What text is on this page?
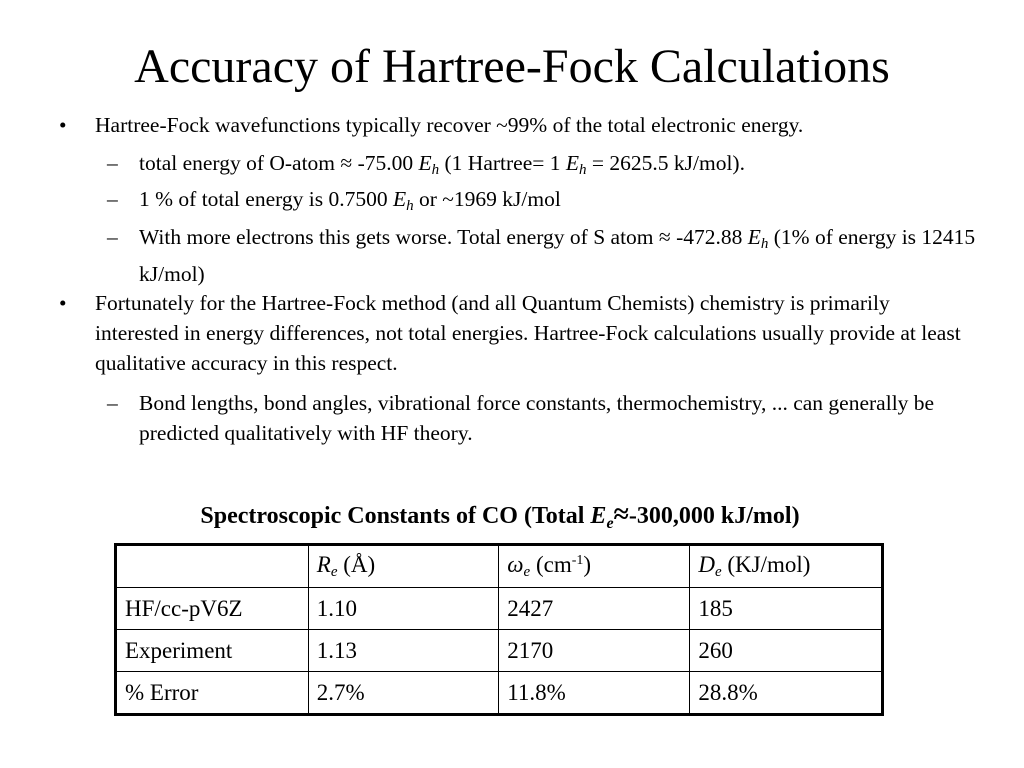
Accuracy of Hartree-Fock Calculations
• Hartree-Fock wavefunctions typically recover ~99% of the total electronic energy.
– total energy of O-atom ≈ -75.00 $E_h$ (1 Hartree= 1 $E_h = 2625.5$ kJ/mol).
– 1 % of total energy is 0.7500 $E_h$ or ~1969 kJ/mol
– With more electrons this gets worse. Total energy of S atom ≈ -472.88 $E_h$ (1% of energy is 12415 kJ/mol)
• Fortunately for the Hartree-Fock method (and all Quantum Chemists) chemistry is primarily interested in energy differences, not total energies. Hartree-Fock calculations usually provide at least qualitative accuracy in this respect.
– Bond lengths, bond angles, vibrational force constants, thermochemistry, ... can generally be predicted qualitatively with HF theory.
Spectroscopic Constants of CO (Total $E_e\approx-300,000$ kJ/mol)
	$R_e$ (Å)	$\omega_e$ $(cm^{-1})$	$D_e$ (KJ/mol)
HF/cc-pV6Z	1.10	2427	185
Experiment	1.13	2170	260
% Error	2.7%	11.8%	28.8%
